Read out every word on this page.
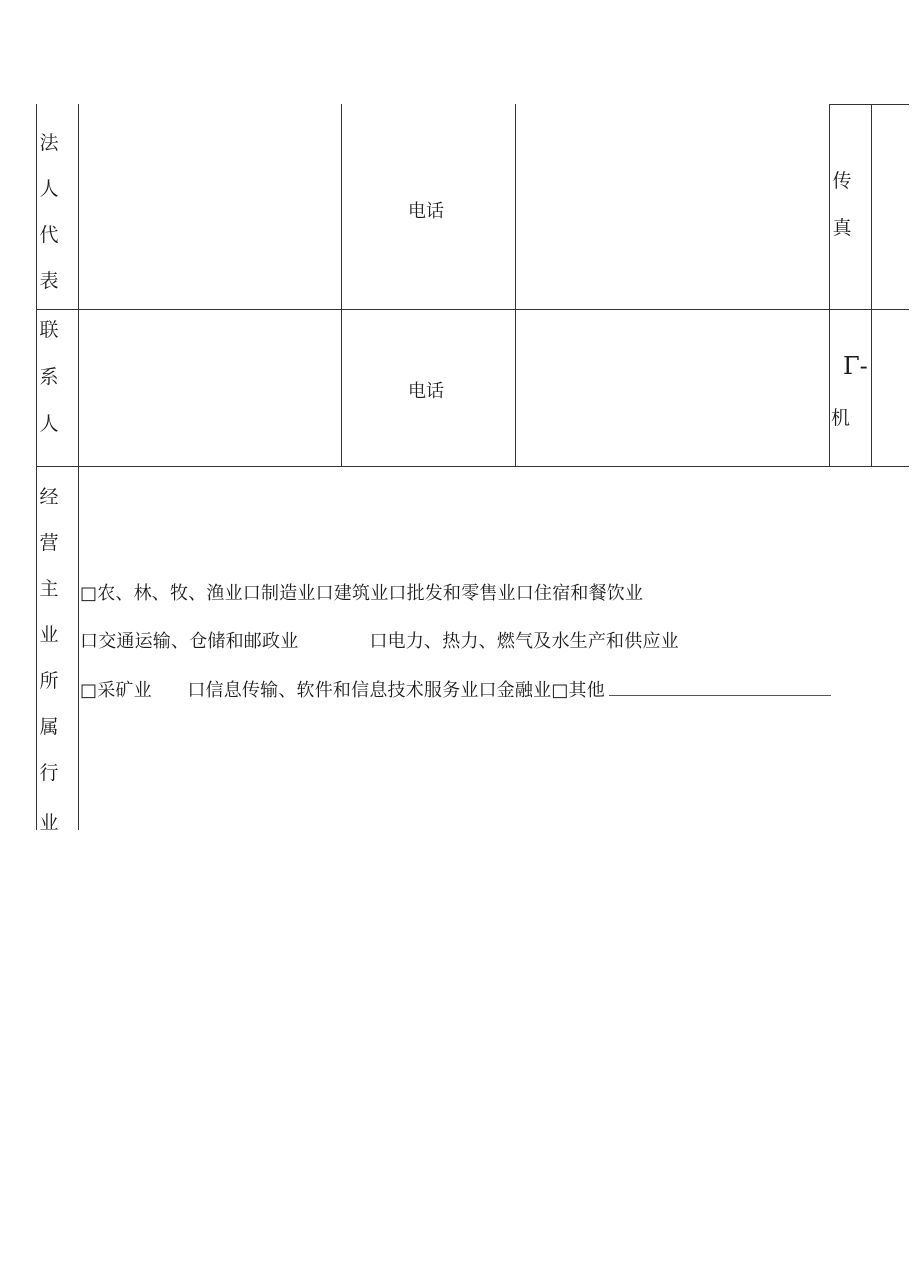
法
人
代
表
电话
传
真
联
系
人
电话
Γ-
机
经
营
主
业
所
属
行
业
□农、林、牧、渔业口制造业口建筑业口批发和零售业口住宿和餐饮业
口交通运输、仓储和邮政业            口电力、热力、燃气及水生产和供应业
□采矿业      口信息传输、软件和信息技术服务业口金融业□其他
